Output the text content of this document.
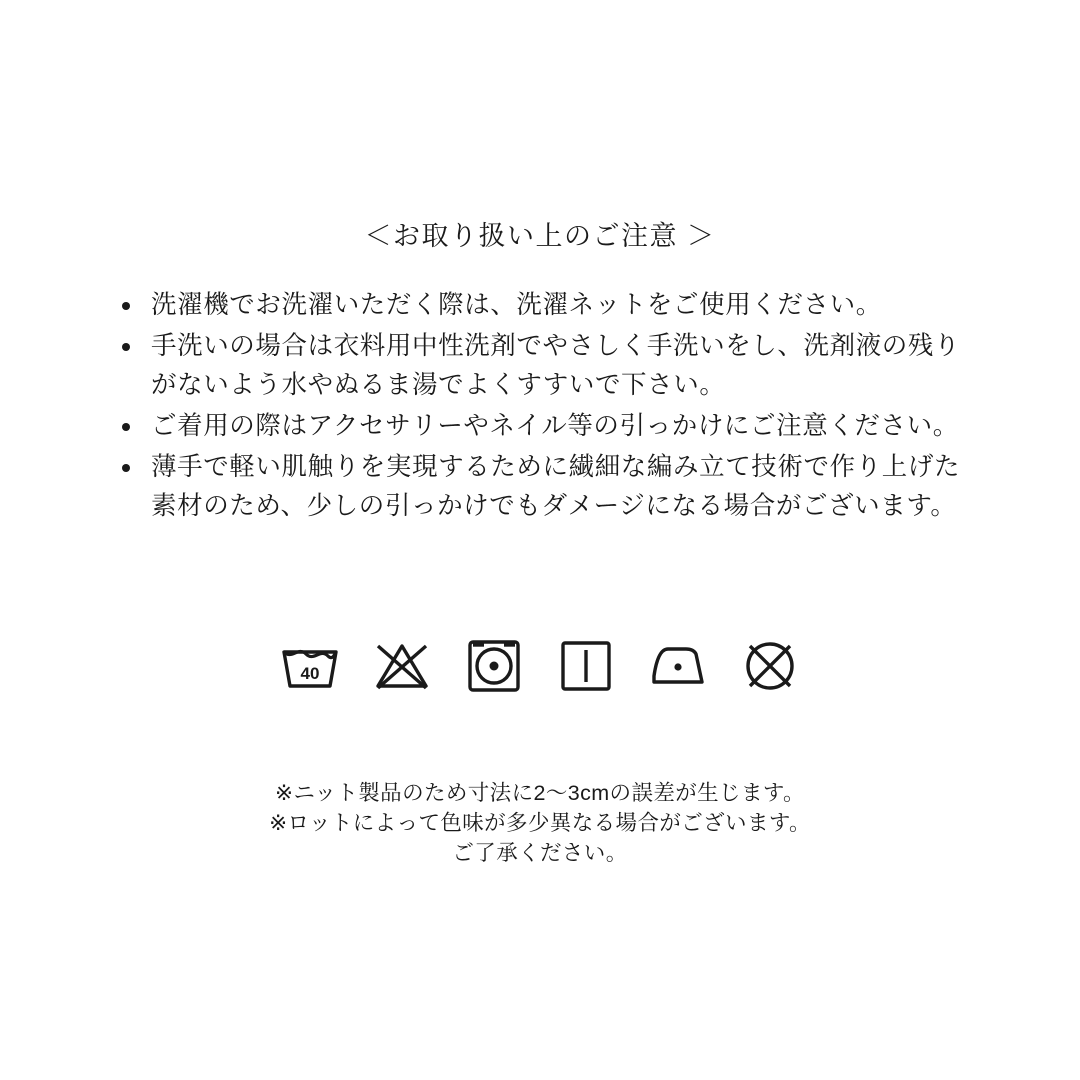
＜お取り扱い上のご注意 ＞
洗濯機でお洗濯いただく際は、洗濯ネットをご使用ください。
手洗いの場合は衣料用中性洗剤でやさしく手洗いをし、洗剤液の残りがないよう水やぬるま湯でよくすすいで下さい。
ご着用の際はアクセサリーやネイル等の引っかけにご注意ください。
薄手で軽い肌触りを実現するために繊細な編み立て技術で作り上げた素材のため、少しの引っかけでもダメージになる場合がございます。
40
※ニット製品のため寸法に2〜3cmの誤差が生じます。
※ロットによって色味が多少異なる場合がございます。
ご了承ください。
